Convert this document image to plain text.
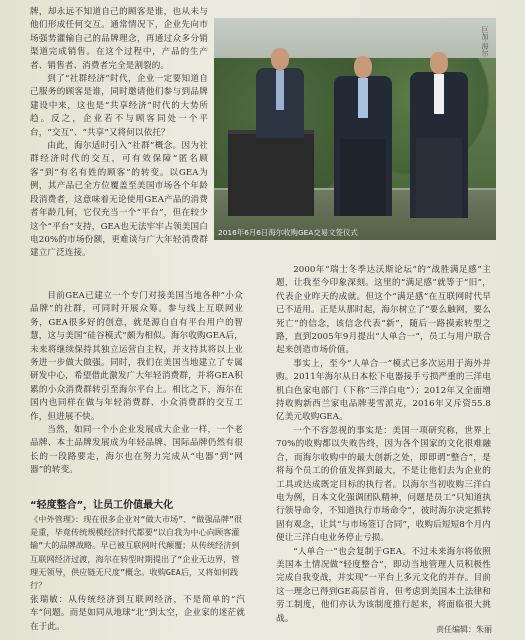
牌，却永远不知道自己的顾客是谁，也从未与他们形成任何交互。通常情况下，企业先向市场强势灌输自己的品牌理念，再通过众多分销渠道完成销售。在这个过程中，产品的生产者、销售者、消费者完全是割裂的。

到了“社群经济”时代，企业一定要知道自己服务的顾客是谁，同时邀请他们参与到品牌建设中来，这也是“共享经济”时代的大势所趋。反之，企业若不与顾客同处一个平台，“交互”、“共享”又将何以依托？

由此，海尔适时引入“社群”概念。因为社群经济时代的交互，可有效保障“匿名顾客”到“有名有姓的顾客”的转变。以GEA为例，其产品已全方位覆盖至美国市场各个年龄段消费者，这意味着无论使用GEA产品的消费者年龄几何，它仅充当一个“平台”，但在较少这个“平台”支持，GEA也无法牢牢占领美国白电20%的市场份额，更难谈与广大年轻消费群建立广泛连接。

2016年6月6日海尔收购GEA交易文签仪式
巨加·海尔

目前GEA已建立一个专门对接美国当地各种“小众品牌”的社群，可同时开展众筹。参与线上互联网业务，GEA很多好的创意，就是源自自有平台用户的智慧，这与美国“硅谷模式”颇为相似。海尔收购GEA后，未来将继续保持其独立运营自主权，并支持其将以上业务进一步做大做强。同时，我们在美国当地建立了专属研发中心，希望借此激发广大年轻消费群，并将GEA积累的小众消费群转引至海尔平台上。相比之下，海尔在国内也同样在做与年轻消费群、小众消费群的交互工作，但进展不快。

当然，如同一个小企业发展成大企业一样，一个老品牌、本土品牌发展成为年轻品牌、国际品牌仍然有很长的一段路要走，海尔也在努力完成从“电器”到“网器”的转变。

“轻度整合”，让员工价值最大化
《中外管理》：现在很多企业对“做大市场”、“做强品牌”很是重，毕竟传统规模经济时代都要“以自我为中心向顾客灌输”大的品牌战略。早已被互联网时代颠覆；从传统经济到互联网经济过渡，海尔在转型时期提出了“企业无边界，管理无领导，供应链无尺度”概念。收购GEA后，又将如何践行？

张瑞敏：从传统经济到互联网经济，不是简单的“汽车”问题。而是如同从地球“北”到太空，企业家的迷茫就在于此。

2000年“瑞士冬季达沃斯论坛”的“战胜满足感”主题，让我至今印象深刻。这里的“满足感”就等于“旧”，代表企业昨天的成就。但这个“满足感”在互联网时代早已不适用。正是从那时起，海尔树立了“要么触网，要么死亡”的信念，该信念代表“新”，随后一路摸索转型之路，直到2005年9月提出“人单合一”，员工与用户联合起来创造市场价值。

事实上，至今“人单合一”模式已多次运用于海外并购。2011年海尔从日本松下电器接手亏损严重的三洋电机白色家电部门（下称“三洋白电”）；2012年又全面增持收购新西兰家电品牌斐雪派克，2016年又斥资55.8亿美元收购GEA。

一个不容忽视的事实是：美国一项研究称，世界上70%的收购都以失败告终，因为各个国家的文化很难融合，而海尔收购中的最大创新之处，即即谓“整合”，是将每个员工的价值发挥到最大，不是让他们去为企业的工具或达成既定目标的执行者。以海尔当初收购三洋白电为例，日本文化强调团队精神，问题是员工“只知道执行领导命令，不知道执行市场命令”，彼时海尔决定抓转固有观念，让其“与市场签订合同”，收购后短短8个月内便让三洋白电业务停止亏损。

“人单合一”也会复制于GEA。不过未来海尔将依照美国本土情况做“轻度整合”，即动当地管理人员积极性完成自我变战，并实现“一平台上多元文化的并存。目前这一理念已得到GE高层首肯，但考虑到美国本土法律和劳工制度，他们亦认为该制度推行起来，将面临很大挑战。

责任编辑：朱丽
